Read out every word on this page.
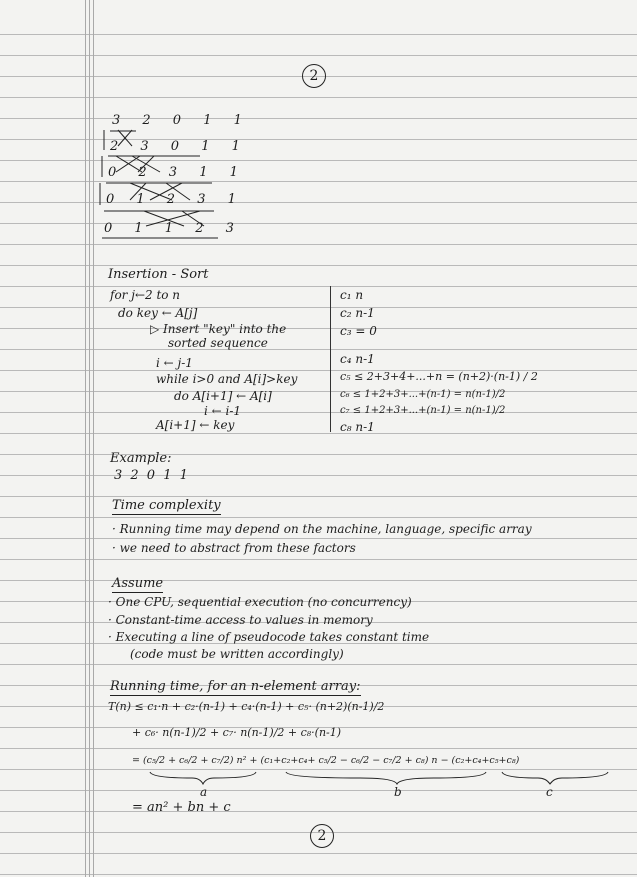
2
3 2 0 1 1
2 3 0 1 1
0 2 3 1 1
0 1 2 3 1
0 1 1 2 3
Insertion - Sort
for j←2 to n
do key ← A[j]
▷ Insert "key" into the
sorted sequence
i ← j-1
while i>0 and A[i]>key
do A[i+1] ← A[i]
i ← i-1
A[i+1] ← key
c₁ n
c₂ n-1
c₃ = 0
c₄ n-1
c₅ ≤ 2+3+4+...+n = (n+2)·(n-1) / 2
c₆ ≤ 1+2+3+...+(n-1) = n(n-1)/2
c₇ ≤ 1+2+3+...+(n-1) = n(n-1)/2
c₈ n-1
Example:
3 2 0 1 1
Time complexity
· Running time may depend on the machine, language, specific array
· we need to abstract from these factors
Assume
· One CPU, sequential execution (no concurrency)
· Constant-time access to values in memory
· Executing a line of pseudocode takes constant time
(code must be written accordingly)
Running time, for an n-element array:
T(n) ≤ c₁·n + c₂·(n-1) + c₄·(n-1) + c₅· (n+2)(n-1)/2
+ c₆· n(n-1)/2 + c₇· n(n-1)/2 + c₈·(n-1)
= (c₅/2 + c₆/2 + c₇/2) n² + (c₁+c₂+c₄+ c₅/2 − c₆/2 − c₇/2 + c₈) n − (c₂+c₄+c₅+c₈)
a	b	c
= an² + bn + c
2
